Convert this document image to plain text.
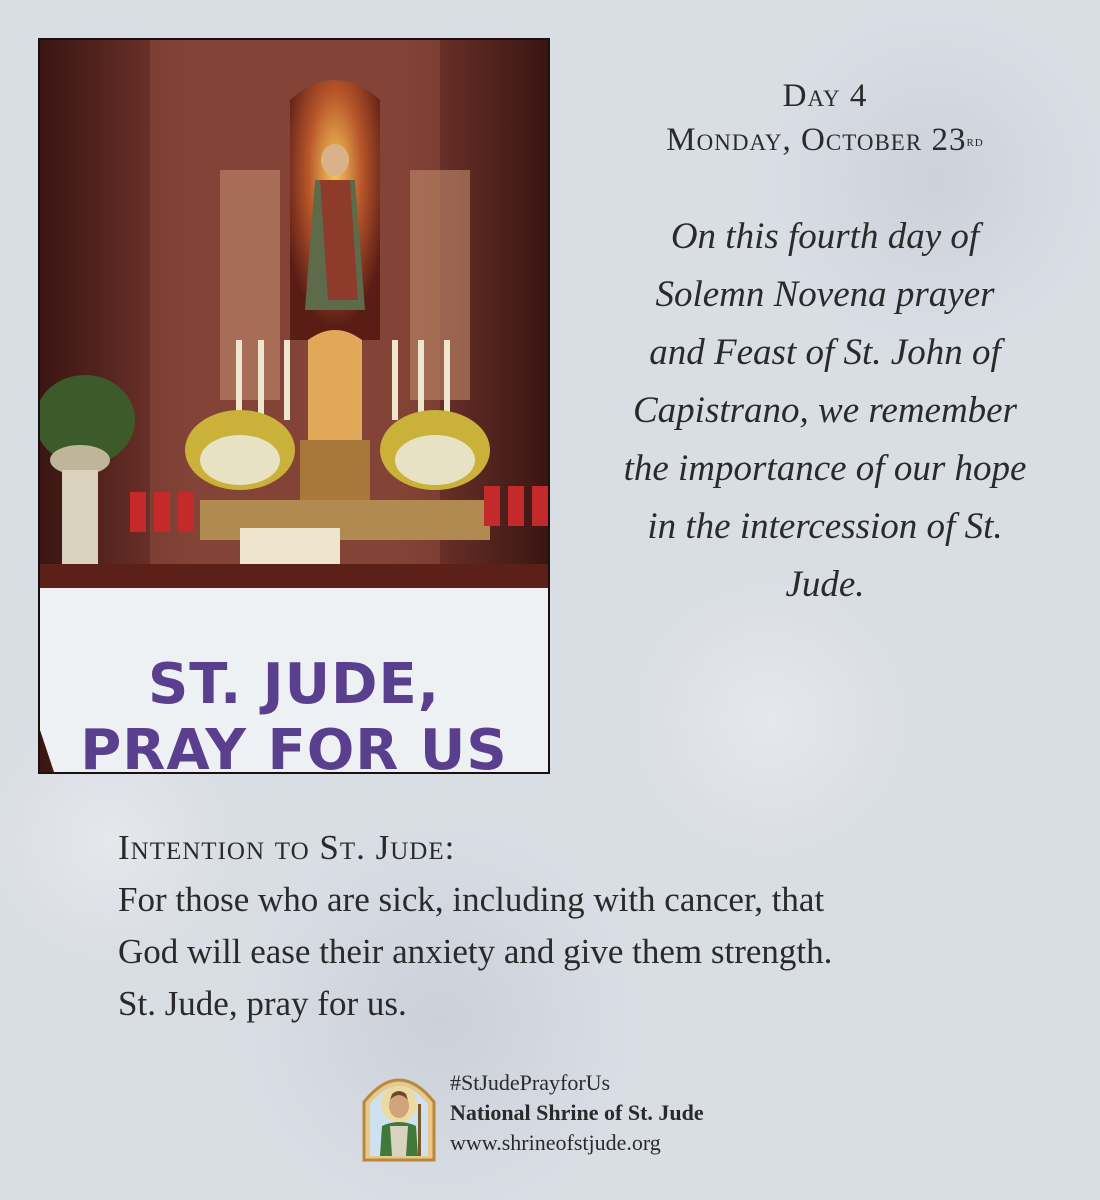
ST. JUDE,
PRAY FOR US
Day 4
Monday, October 23rd
On this fourth day of
Solemn Novena prayer
and Feast of St. John of
Capistrano, we remember
the importance of our hope
in the intercession of St.
Jude.
Intention to St. Jude:
For those who are sick, including with cancer, that
God will ease their anxiety and give them strength.
St. Jude, pray for us.
#StJudePrayforUs
National Shrine of St. Jude
www.shrineofstjude.org
